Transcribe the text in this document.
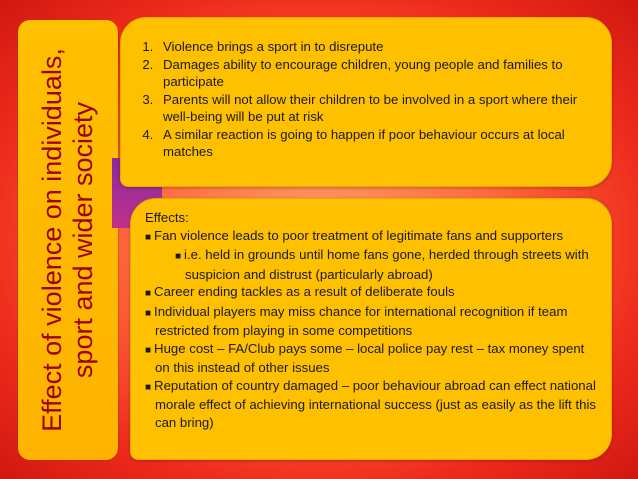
Effect of violence on individuals, sport and wider society
1. Violence brings a sport in to disrepute
2. Damages ability to encourage children, young people and families to participate
3. Parents will not allow their children to be involved in a sport where their well-being will be put at risk
4. A similar reaction is going to happen if poor behaviour occurs at local matches

Effects:

■ Fan violence leads to poor treatment of legitimate fans and supporters

■ i.e. held in grounds until home fans gone, herded through streets with suspicion and distrust (particularly abroad)

■ Career ending tackles as a result of deliberate fouls

■ Individual players may miss chance for international recognition if team restricted from playing in some competitions

■ Huge cost – FA/Club pays some – local police pay rest – tax money spent on this instead of other issues

■ Reputation of country damaged – poor behaviour abroad can effect national morale effect of achieving international success (just as easily as the lift this can bring)
